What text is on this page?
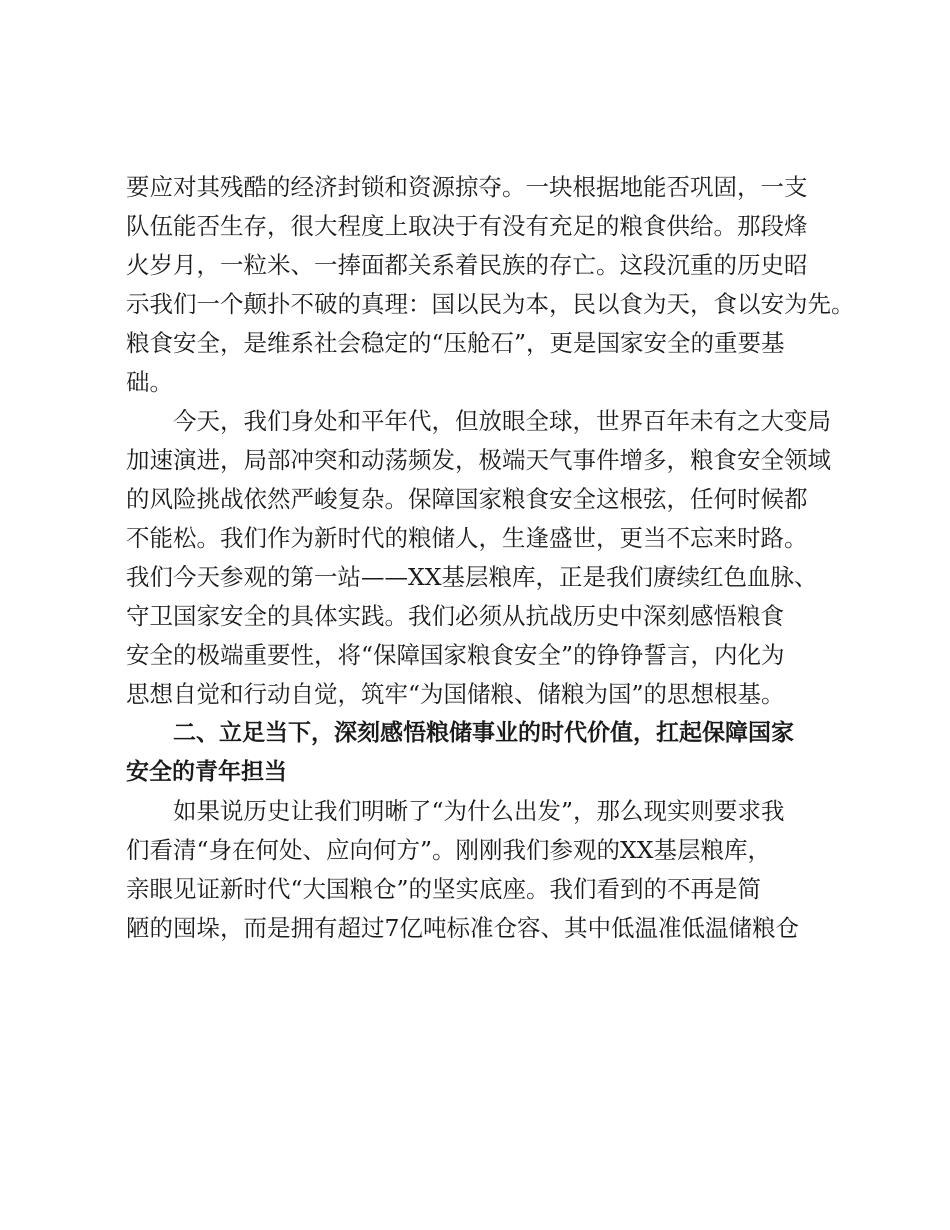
要应对其残酷的经济封锁和资源掠夺。一块根据地能否巩固，一支
队伍能否生存，很大程度上取决于有没有充足的粮食供给。那段烽
火岁月，一粒米、一捧面都关系着民族的存亡。这段沉重的历史昭
示我们一个颠扑不破的真理：国以民为本，民以食为天，食以安为先。
粮食安全，是维系社会稳定的“压舱石”，更是国家安全的重要基
础。
今天，我们身处和平年代，但放眼全球，世界百年未有之大变局
加速演进，局部冲突和动荡频发，极端天气事件增多，粮食安全领域
的风险挑战依然严峻复杂。保障国家粮食安全这根弦，任何时候都
不能松。我们作为新时代的粮储人，生逢盛世，更当不忘来时路。
我们今天参观的第一站——XX基层粮库，正是我们赓续红色血脉、
守卫国家安全的具体实践。我们必须从抗战历史中深刻感悟粮食
安全的极端重要性，将“保障国家粮食安全”的铮铮誓言，内化为
思想自觉和行动自觉，筑牢“为国储粮、储粮为国”的思想根基。
二、立足当下，深刻感悟粮储事业的时代价值，扛起保障国家
安全的青年担当
如果说历史让我们明晰了“为什么出发”，那么现实则要求我
们看清“身在何处、应向何方”。刚刚我们参观的XX基层粮库，
亲眼见证新时代“大国粮仓”的坚实底座。我们看到的不再是简
陋的囤垛，而是拥有超过7亿吨标准仓容、其中低温准低温储粮仓
